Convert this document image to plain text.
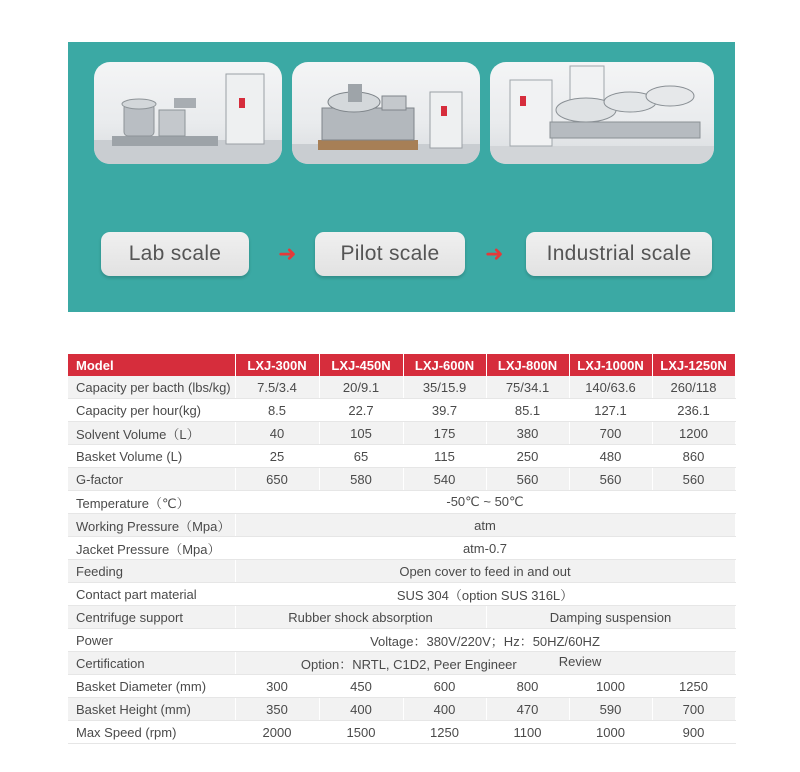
Lab scale	➜	Pilot scale	➜	Industrial scale
Model	LXJ-300N	LXJ-450N	LXJ-600N	LXJ-800N	LXJ-1000N	LXJ-1250N
Capacity per bacth (lbs/kg)	7.5/3.4	20/9.1	35/15.9	75/34.1	140/63.6	260/118
Capacity per hour(kg)	8.5	22.7	39.7	85.1	127.1	236.1
Solvent Volume（L）	40	105	175	380	700	1200
Basket Volume (L)	25	65	115	250	480	860
G-factor	650	580	540	560	560	560
Temperature（℃）	-50℃ ~ 50℃					
Working Pressure（Mpa）	atm					
Jacket Pressure（Mpa）	atm-0.7					
Feeding	Open cover to feed in and out					
Contact part material	SUS 304（option SUS 316L）					
Centrifuge support	Rubber shock absorption			Damping suspension		
Power	Voltage：380V/220V；Hz：50HZ/60HZ					
Certification	Option：NRTL, C1D2, Peer Engineer Review					

Basket Diameter (mm)	300	450	600	800	1000	1250
Basket Height (mm)	350	400	400	470	590	700
Max Speed (rpm)	2000	1500	1250	1100	1000	900
